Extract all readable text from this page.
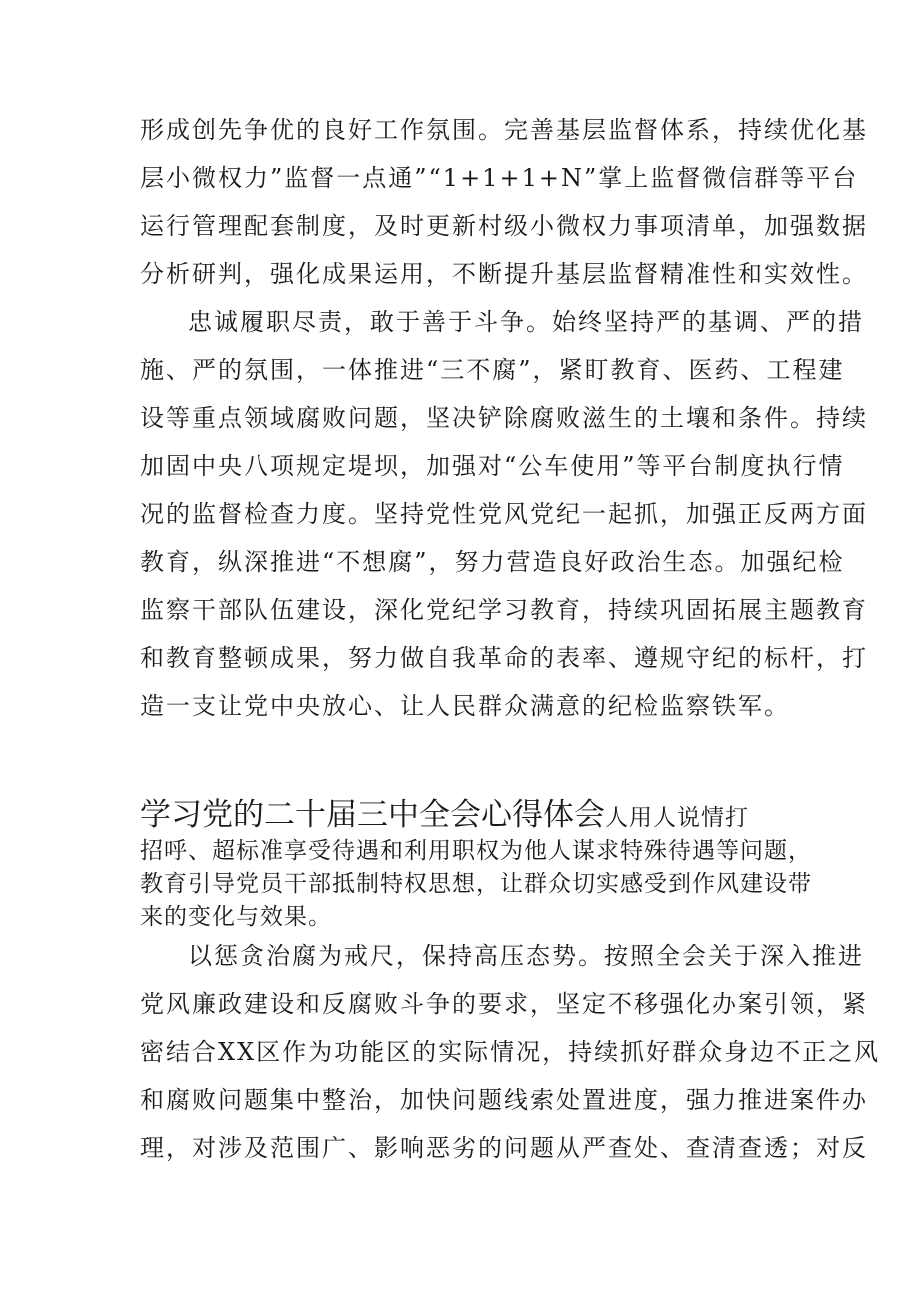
形成创先争优的良好工作氛围。完善基层监督体系，持续优化基
层小微权力”监督一点通”“1+1+1+N”掌上监督微信群等平台
运行管理配套制度，及时更新村级小微权力事项清单，加强数据
分析研判，强化成果运用，不断提升基层监督精准性和实效性。
忠诚履职尽责，敢于善于斗争。始终坚持严的基调、严的措
施、严的氛围，一体推进“三不腐”，紧盯教育、医药、工程建
设等重点领域腐败问题，坚决铲除腐败滋生的土壤和条件。持续
加固中央八项规定堤坝，加强对“公车使用”等平台制度执行情
况的监督检查力度。坚持党性党风党纪一起抓，加强正反两方面
教育，纵深推进“不想腐”，努力营造良好政治生态。加强纪检
监察干部队伍建设，深化党纪学习教育，持续巩固拓展主题教育
和教育整顿成果，努力做自我革命的表率、遵规守纪的标杆，打
造一支让党中央放心、让人民群众满意的纪检监察铁军。
学习党的二十届三中全会心得体会人用人说情打
招呼、超标准享受待遇和利用职权为他人谋求特殊待遇等问题，
教育引导党员干部抵制特权思想，让群众切实感受到作风建设带
来的变化与效果。
以惩贪治腐为戒尺，保持高压态势。按照全会关于深入推进
党风廉政建设和反腐败斗争的要求，坚定不移强化办案引领，紧
密结合XX区作为功能区的实际情况，持续抓好群众身边不正之风
和腐败问题集中整治，加快问题线索处置进度，强力推进案件办
理，对涉及范围广、影响恶劣的问题从严查处、查清查透；对反
